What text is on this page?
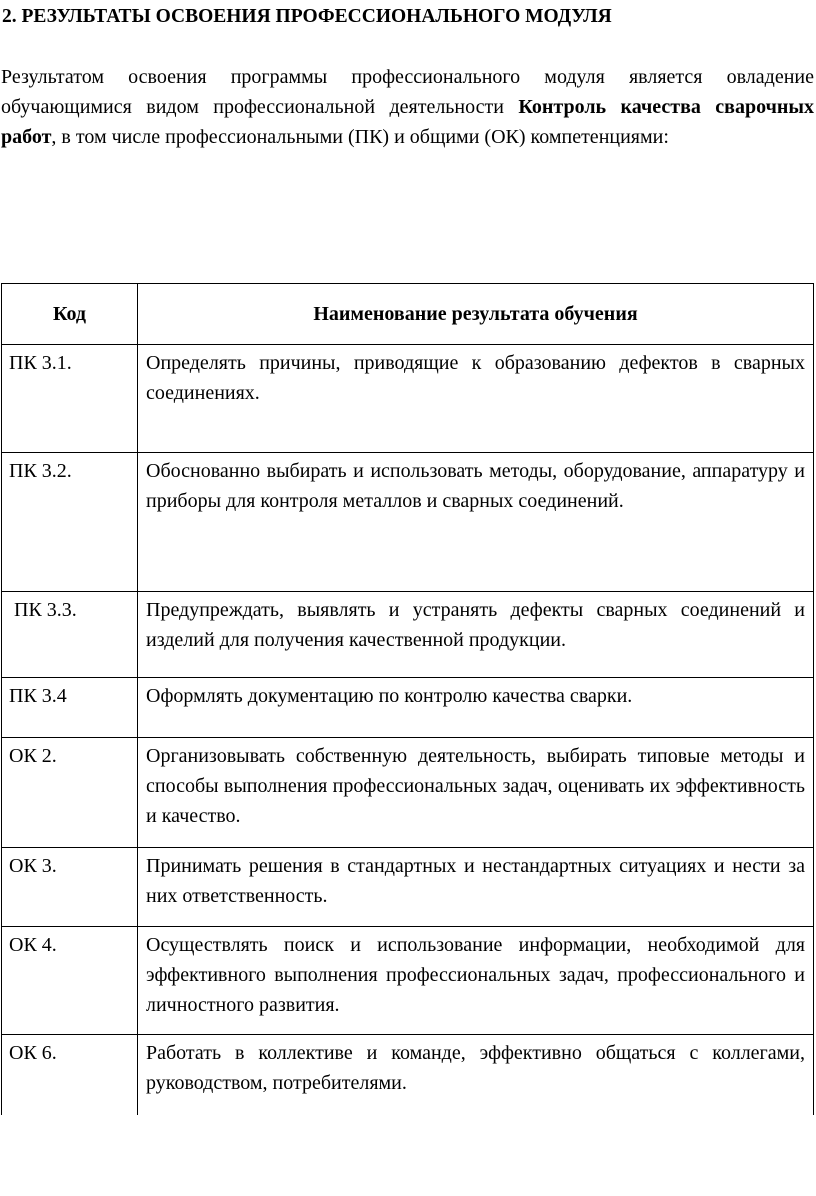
2. РЕЗУЛЬТАТЫ ОСВОЕНИЯ ПРОФЕССИОНАЛЬНОГО МОДУЛЯ

Результатом освоения программы профессионального модуля является овладение обучающимися видом профессиональной деятельности Контроль качества сварочных работ, в том числе профессиональными (ПК) и общими (ОК) компетенциями:

Код	Наименование результата обучения
ПК 3.1.	Определять причины, приводящие к образованию дефектов в сварных соединениях.
ПК 3.2.	Обоснованно выбирать и использовать методы, оборудование, аппаратуру и приборы для контроля металлов и сварных соединений.
ПК 3.3.	Предупреждать, выявлять и устранять дефекты сварных соединений и изделий для получения качественной продукции.
ПК 3.4	Оформлять документацию по контролю качества сварки.
ОК 2.	Организовывать собственную деятельность, выбирать типовые методы и способы выполнения профессиональных задач, оценивать их эффективность и качество.
ОК 3.	Принимать решения в стандартных и нестандартных ситуациях и нести за них ответственность.
ОК 4.	Осуществлять поиск и использование информации, необходимой для эффективного выполнения профессиональных задач, профессионального и личностного развития.
ОК 6.	Работать в коллективе и команде, эффективно общаться с коллегами, руководством, потребителями.
